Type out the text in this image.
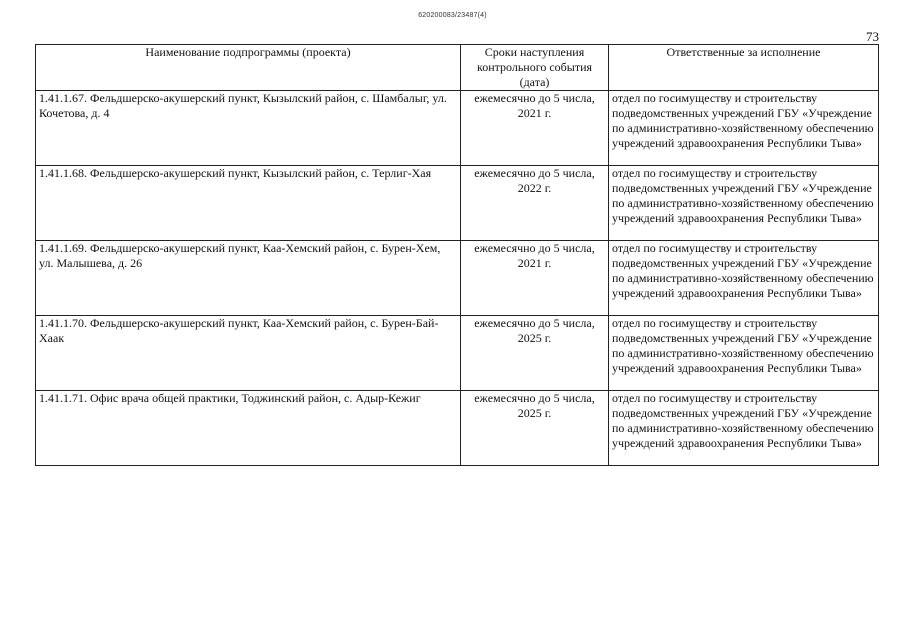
620200083/23487(4)
73
Наименование подпрограммы (проекта)	Сроки наступления контрольного события (дата)	Ответственные за исполнение
1.41.1.67. Фельдшерско-акушерский пункт, Кызылский район, с. Шамбалыг, ул. Кочетова, д. 4	ежемесячно до 5 числа, 2021 г.	отдел по госимуществу и строительству подведомственных учреждений ГБУ «Учреждение по административно-хозяйственному обеспечению учреждений здравоохранения Республики Тыва»
1.41.1.68. Фельдшерско-акушерский пункт, Кызылский район, с. Терлиг-Хая	ежемесячно до 5 числа, 2022 г.	отдел по госимуществу и строительству подведомственных учреждений ГБУ «Учреждение по административно-хозяйственному обеспечению учреждений здравоохранения Республики Тыва»
1.41.1.69. Фельдшерско-акушерский пункт, Каа-Хемский район, с. Бурен-Хем, ул. Малышева, д. 26	ежемесячно до 5 числа, 2021 г.	отдел по госимуществу и строительству подведомственных учреждений ГБУ «Учреждение по административно-хозяйственному обеспечению учреждений здравоохранения Республики Тыва»
1.41.1.70. Фельдшерско-акушерский пункт, Каа-Хемский район, с. Бурен-Бай-Хаак	ежемесячно до 5 числа, 2025 г.	отдел по госимуществу и строительству подведомственных учреждений ГБУ «Учреждение по административно-хозяйственному обеспечению учреждений здравоохранения Республики Тыва»
1.41.1.71. Офис врача общей практики, Тоджинский район, с. Адыр-Кежиг	ежемесячно до 5 числа, 2025 г.	отдел по госимуществу и строительству подведомственных учреждений ГБУ «Учреждение по административно-хозяйственному обеспечению учреждений здравоохранения Республики Тыва»
